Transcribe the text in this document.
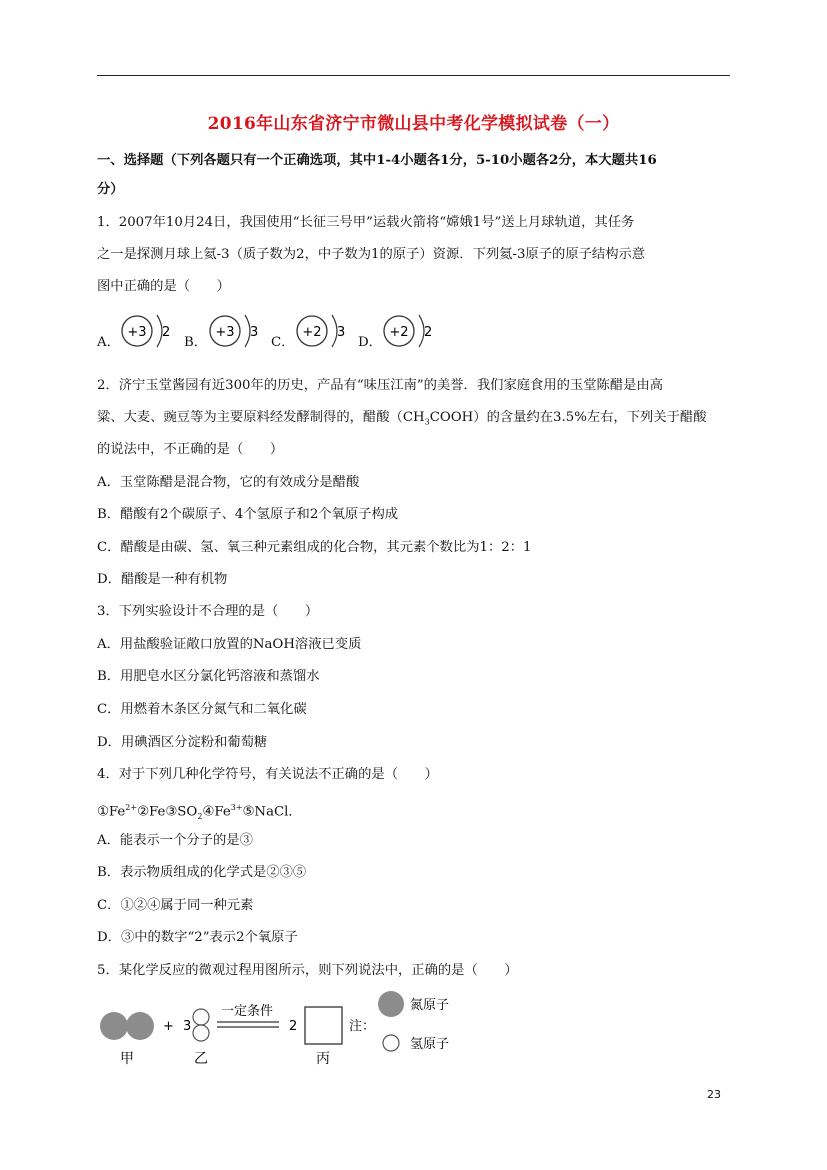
2016年山东省济宁市微山县中考化学模拟试卷（一）
一、选择题（下列各题只有一个正确选项，其中1-4小题各1分，5-10小题各2分，本大题共16
分）
1．2007年10月24日，我国使用“长征三号甲”运载火箭将“嫦娥1号”送上月球轨道，其任务
之一是探测月球上氦-3（质子数为2，中子数为1的原子）资源．下列氦-3原子的原子结构示意
图中正确的是（　　）
A．
+3 2
B．
+3 3
C．
+2 3
D．
+2 2
2．济宁玉堂酱园有近300年的历史，产品有“味压江南”的美誉．我们家庭食用的玉堂陈醋是由高
粱、大麦、豌豆等为主要原料经发酵制得的，醋酸$(CH_3COOH)$的含量约在3.5%左右，下列关于醋酸
的说法中，不正确的是（　　）
A．玉堂陈醋是混合物，它的有效成分是醋酸
B．醋酸有2个碳原子、4个氢原子和2个氧原子构成
C．醋酸是由碳、氢、氧三种元素组成的化合物，其元素个数比为1：2：1
D．醋酸是一种有机物
3．下列实验设计不合理的是（　　）
A．用盐酸验证敞口放置的NaOH溶液已变质
B．用肥皂水区分氯化钙溶液和蒸馏水
C．用燃着木条区分氮气和二氧化碳
D．用碘酒区分淀粉和葡萄糖
4．对于下列几种化学符号，有关说法不正确的是（　　）
$①Fe^{2+}②Fe③SO_2④Fe^{3+}⑤NaCl$．
A．能表示一个分子的是③
B．表示物质组成的化学式是②③⑤
C．①②④属于同一种元素
D．③中的数字“2”表示2个氧原子
5．某化学反应的微观过程用图所示，则下列说法中，正确的是（　　）
甲
+ 3
乙
一定条件
2
丙
注：
氮原子
氢原子
23
